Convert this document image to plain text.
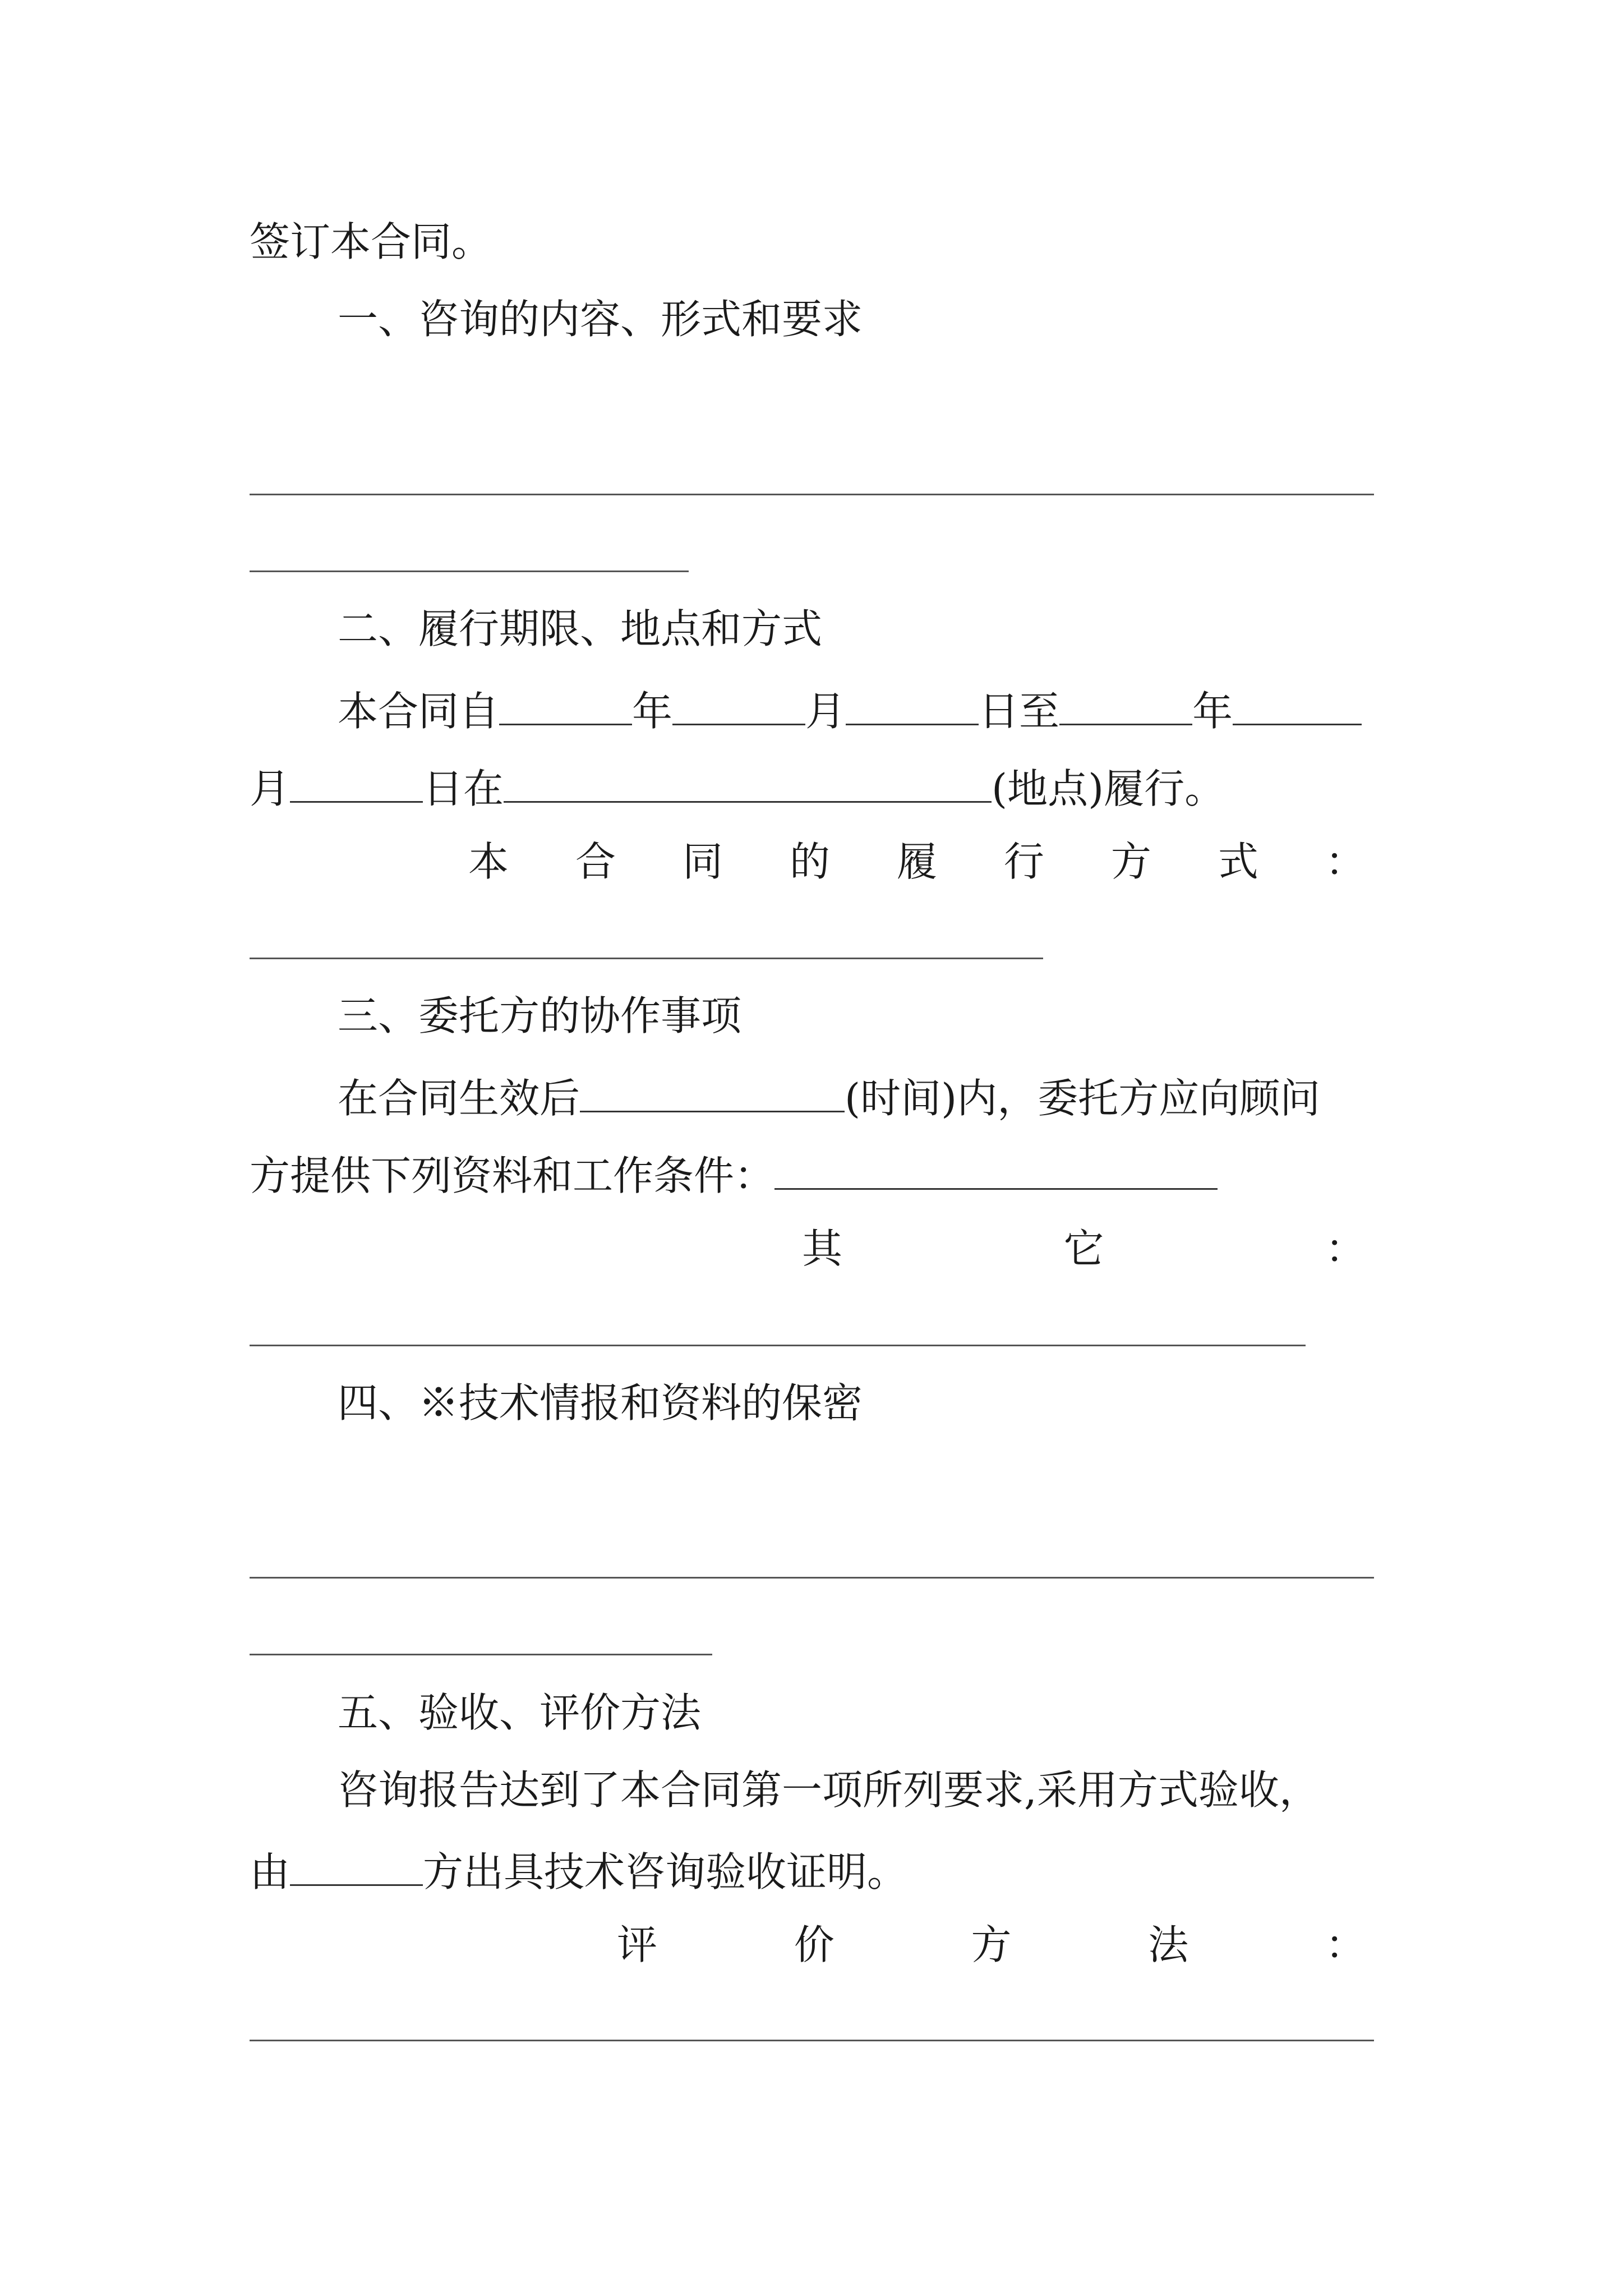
签订本合同。
一、咨询的内容、形式和要求
二、履行期限、地点和方式
本合同自	年	月	日至	年
月	日在	(地点)履行。
本 合 同 的 履 行 方 式 ：
三、委托方的协作事项
在合同生效后	(时间)内，委托方应向顾问
方提供下列资料和工作条件：
其	它	：
四、※技术情报和资料的保密
五、验收、评价方法
咨询报告达到了本合同第一项所列要求,采用方式验收，
由	方出具技术咨询验收证明。
评	价	方	法	：
